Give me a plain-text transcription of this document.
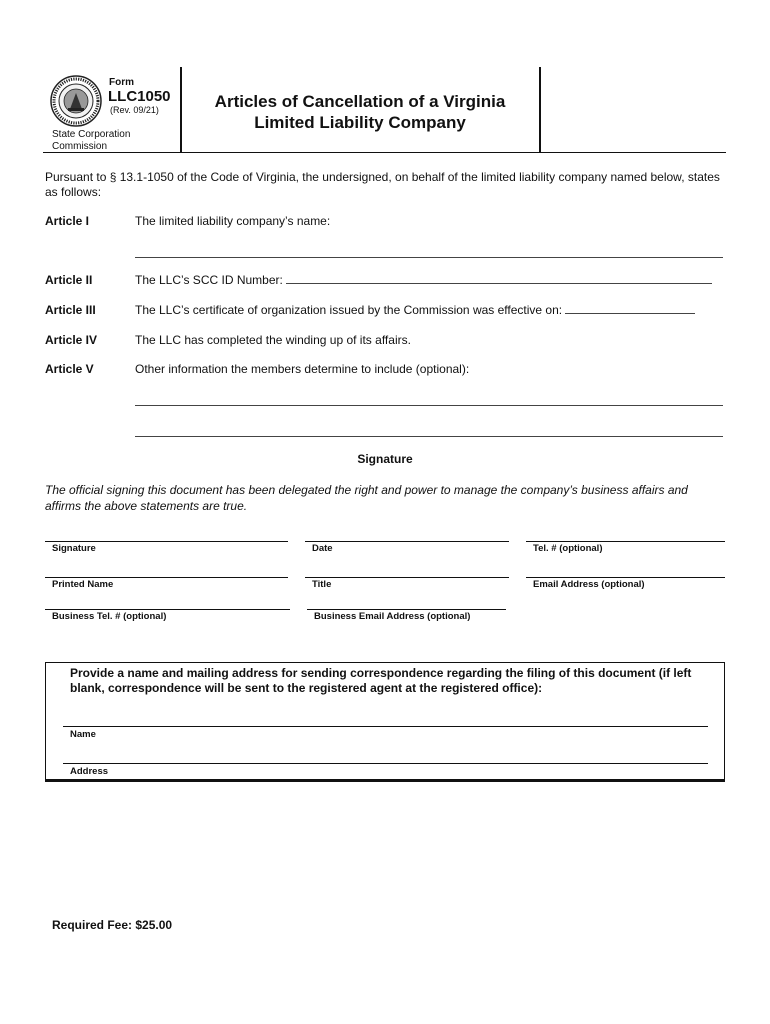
Form
LLC1050
(Rev. 09/21)
State Corporation Commission
Articles of Cancellation of a Virginia
Limited Liability Company
Pursuant to § 13.1-1050 of the Code of Virginia, the undersigned, on behalf of the limited liability company named below, states as follows:
Article I	The limited liability company’s name:
Article II	The LLC’s SCC ID Number:
Article III	The LLC’s certificate of organization issued by the Commission was effective on:
Article IV	The LLC has completed the winding up of its affairs.
Article V	Other information the members determine to include (optional):
Signature
The official signing this document has been delegated the right and power to manage the company’s business affairs and affirms the above statements are true.
Signature	Date	Tel. # (optional)
Printed Name	Title	Email Address (optional)
Business Tel. # (optional)	Business Email Address (optional)
Provide a name and mailing address for sending correspondence regarding the filing of this document (if left blank, correspondence will be sent to the registered agent at the registered office):
Name
Address
Required Fee: $25.00
